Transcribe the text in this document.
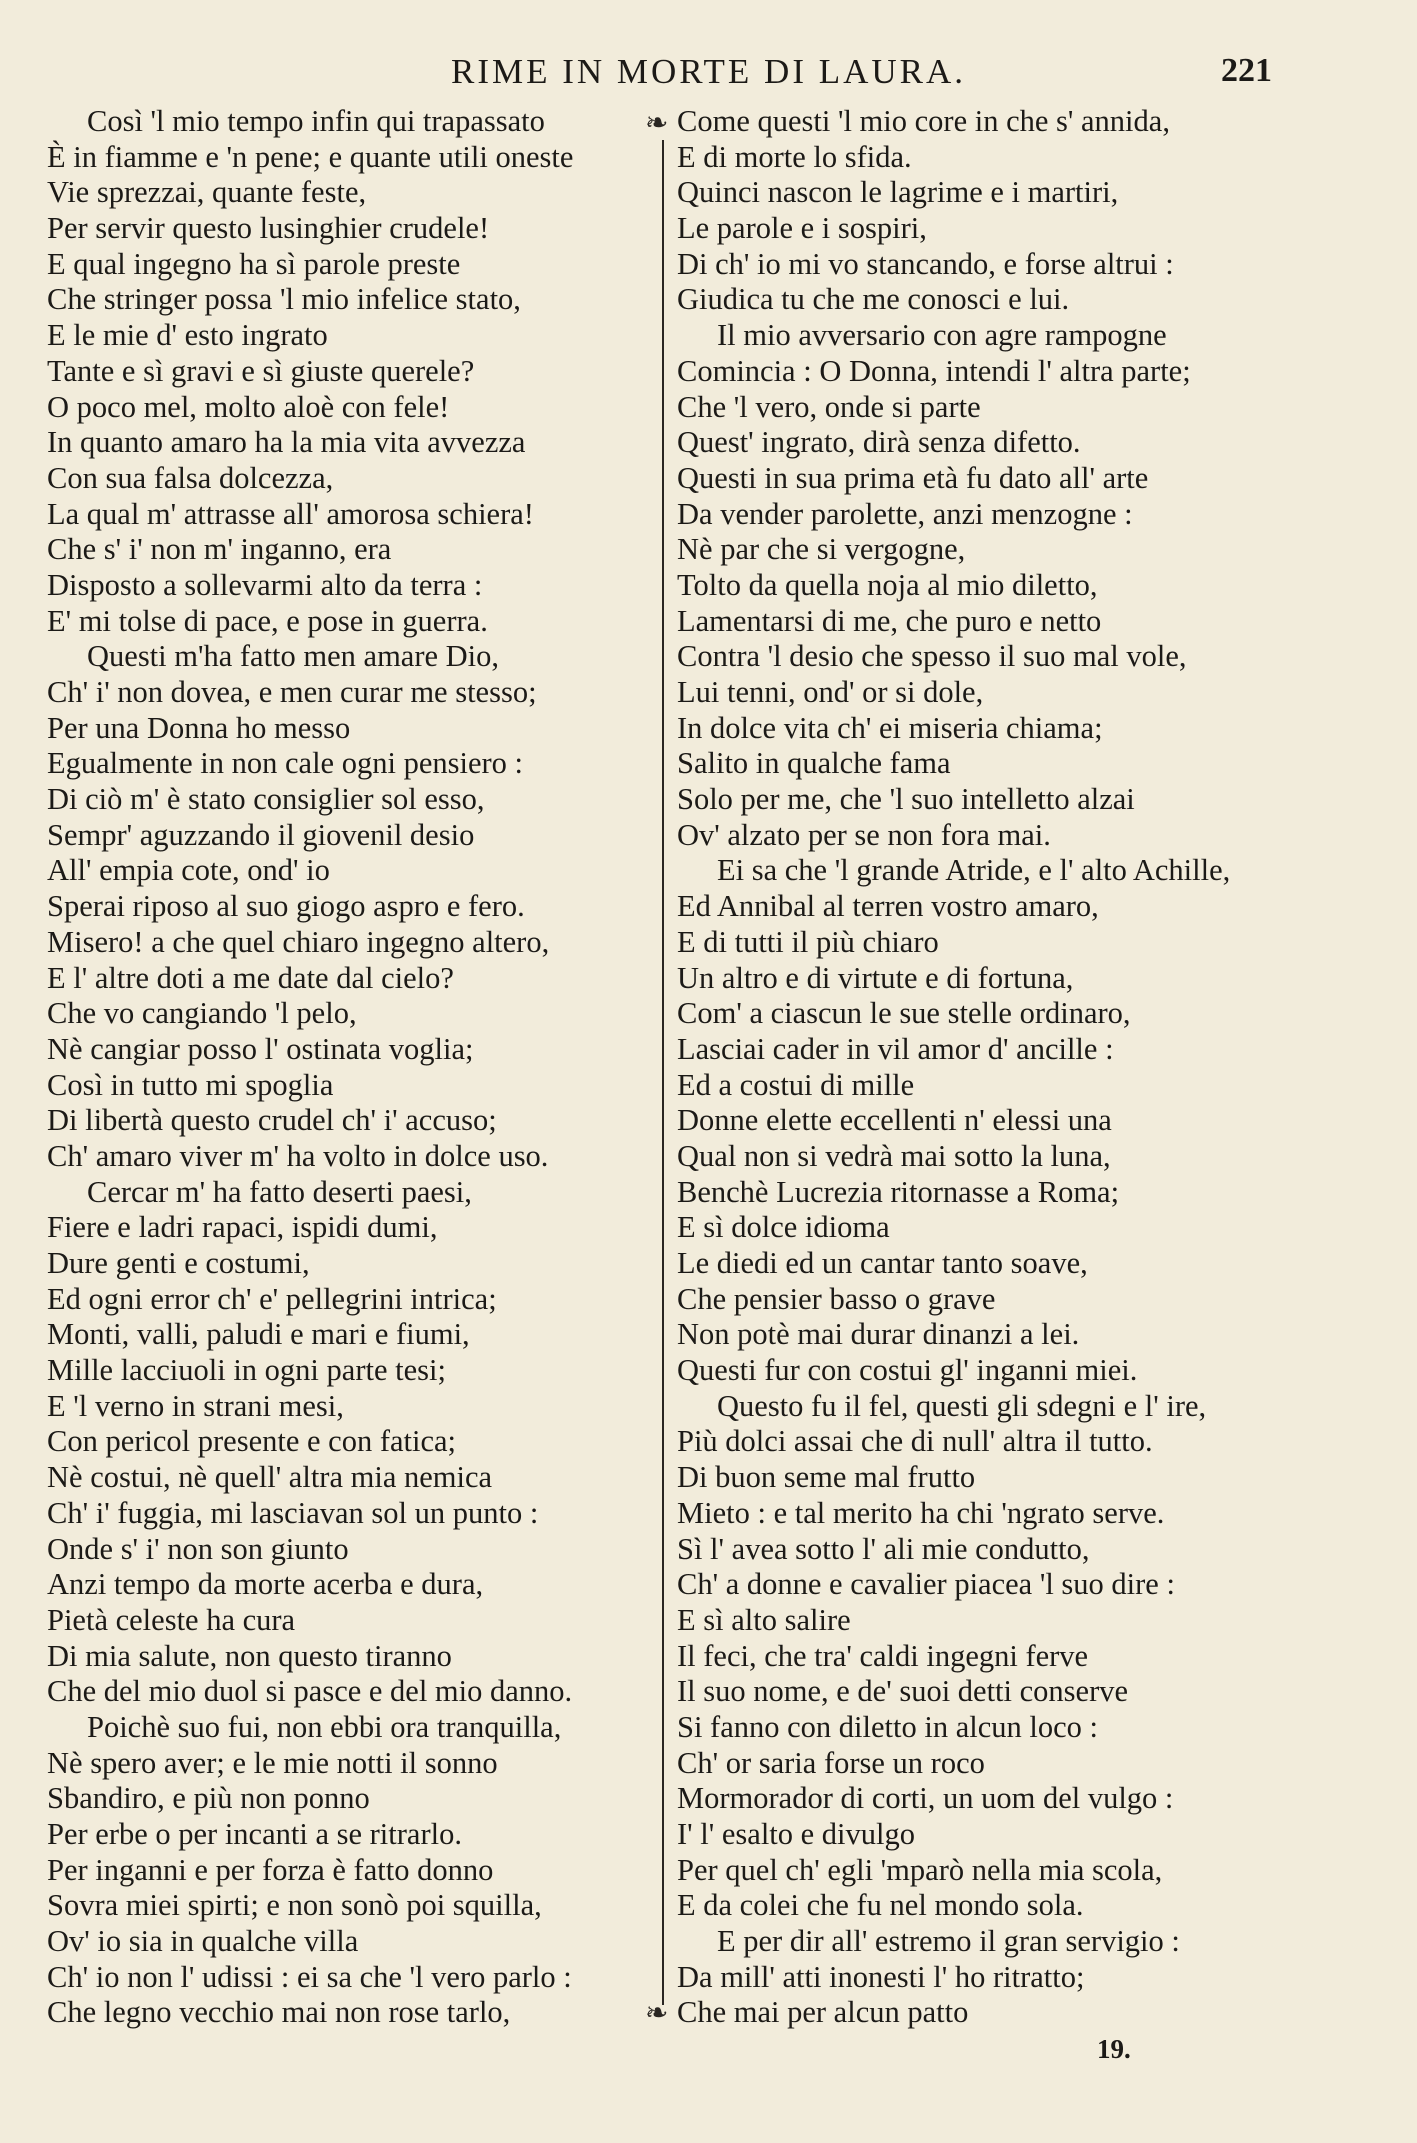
RIME IN MORTE DI LAURA.	221
Così 'l mio tempo infin qui trapassato
È in fiamme e 'n pene; e quante utili oneste
Vie sprezzai, quante feste,
Per servir questo lusinghier crudele!
E qual ingegno ha sì parole preste
Che stringer possa 'l mio infelice stato,
E le mie d' esto ingrato
Tante e sì gravi e sì giuste querele?
O poco mel, molto aloè con fele!
In quanto amaro ha la mia vita avvezza
Con sua falsa dolcezza,
La qual m' attrasse all' amorosa schiera!
Che s' i' non m' inganno, era
Disposto a sollevarmi alto da terra :
E' mi tolse di pace, e pose in guerra.
Questi m'ha fatto men amare Dio,
Ch' i' non dovea, e men curar me stesso;
Per una Donna ho messo
Egualmente in non cale ogni pensiero :
Di ciò m' è stato consiglier sol esso,
Sempr' aguzzando il giovenil desio
All' empia cote, ond' io
Sperai riposo al suo giogo aspro e fero.
Misero! a che quel chiaro ingegno altero,
E l' altre doti a me date dal cielo?
Che vo cangiando 'l pelo,
Nè cangiar posso l' ostinata voglia;
Così in tutto mi spoglia
Di libertà questo crudel ch' i' accuso;
Ch' amaro viver m' ha volto in dolce uso.
Cercar m' ha fatto deserti paesi,
Fiere e ladri rapaci, ispidi dumi,
Dure genti e costumi,
Ed ogni error ch' e' pellegrini intrica;
Monti, valli, paludi e mari e fiumi,
Mille lacciuoli in ogni parte tesi;
E 'l verno in strani mesi,
Con pericol presente e con fatica;
Nè costui, nè quell' altra mia nemica
Ch' i' fuggia, mi lasciavan sol un punto :
Onde s' i' non son giunto
Anzi tempo da morte acerba e dura,
Pietà celeste ha cura
Di mia salute, non questo tiranno
Che del mio duol si pasce e del mio danno.
Poichè suo fui, non ebbi ora tranquilla,
Nè spero aver; e le mie notti il sonno
Sbandiro, e più non ponno
Per erbe o per incanti a se ritrarlo.
Per inganni e per forza è fatto donno
Sovra miei spirti; e non sonò poi squilla,
Ov' io sia in qualche villa
Ch' io non l' udissi : ei sa che 'l vero parlo :
Che legno vecchio mai non rose tarlo,
Come questi 'l mio core in che s' annida,
E di morte lo sfida.
Quinci nascon le lagrime e i martiri,
Le parole e i sospiri,
Di ch' io mi vo stancando, e forse altrui :
Giudica tu che me conosci e lui.
Il mio avversario con agre rampogne
Comincia : O Donna, intendi l' altra parte;
Che 'l vero, onde si parte
Quest' ingrato, dirà senza difetto.
Questi in sua prima età fu dato all' arte
Da vender parolette, anzi menzogne :
Nè par che si vergogne,
Tolto da quella noja al mio diletto,
Lamentarsi di me, che puro e netto
Contra 'l desio che spesso il suo mal vole,
Lui tenni, ond' or si dole,
In dolce vita ch' ei miseria chiama;
Salito in qualche fama
Solo per me, che 'l suo intelletto alzai
Ov' alzato per se non fora mai.
Ei sa che 'l grande Atride, e l' alto Achille,
Ed Annibal al terren vostro amaro,
E di tutti il più chiaro
Un altro e di virtute e di fortuna,
Com' a ciascun le sue stelle ordinaro,
Lasciai cader in vil amor d' ancille :
Ed a costui di mille
Donne elette eccellenti n' elessi una
Qual non si vedrà mai sotto la luna,
Benchè Lucrezia ritornasse a Roma;
E sì dolce idioma
Le diedi ed un cantar tanto soave,
Che pensier basso o grave
Non potè mai durar dinanzi a lei.
Questi fur con costui gl' inganni miei.
Questo fu il fel, questi gli sdegni e l' ire,
Più dolci assai che di null' altra il tutto.
Di buon seme mal frutto
Mieto : e tal merito ha chi 'ngrato serve.
Sì l' avea sotto l' ali mie condutto,
Ch' a donne e cavalier piacea 'l suo dire :
E sì alto salire
Il feci, che tra' caldi ingegni ferve
Il suo nome, e de' suoi detti conserve
Si fanno con diletto in alcun loco :
Ch' or saria forse un roco
Mormorador di corti, un uom del vulgo :
I' l' esalto e divulgo
Per quel ch' egli 'mparò nella mia scola,
E da colei che fu nel mondo sola.
E per dir all' estremo il gran servigio :
Da mill' atti inonesti l' ho ritratto;
Che mai per alcun patto
❧
❧
19.
